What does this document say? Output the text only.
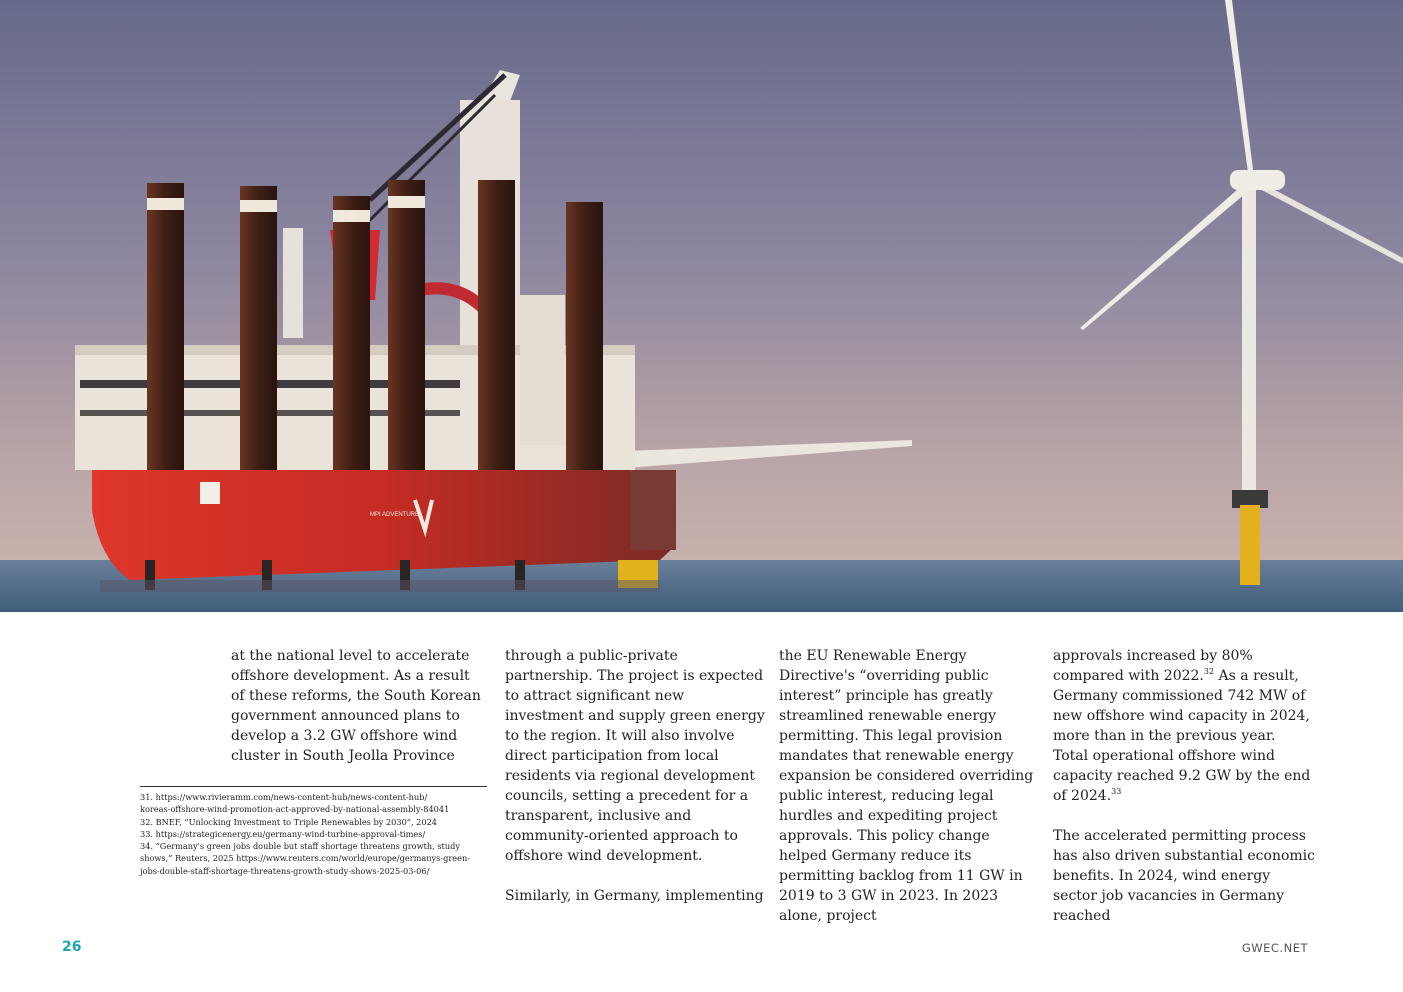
MPI ADVENTURE

at the national level to accelerate offshore development. As a result of these reforms, the South Korean government announced plans to develop a 3.2 GW offshore wind cluster in South Jeolla Province

through a public-private partnership. The project is expected to attract significant new investment and supply green energy to the region. It will also involve direct participation from local residents via regional development councils, setting a precedent for a transparent, inclusive and community-oriented approach to offshore wind development.

Similarly, in Germany, implementing

the EU Renewable Energy Directive's “overriding public interest” principle has greatly streamlined renewable energy permitting. This legal provision mandates that renewable energy expansion be considered overriding public interest, reducing legal hurdles and expediting project approvals. This policy change helped Germany reduce its permitting backlog from 11 GW in 2019 to 3 GW in 2023. In 2023 alone, project

approvals increased by 80% compared with 2022.32 As a result, Germany commissioned 742 MW of new offshore wind capacity in 2024, more than in the previous year. Total operational offshore wind capacity reached 9.2 GW by the end of 2024.33

The accelerated permitting process has also driven substantial economic benefits. In 2024, wind energy sector job vacancies in Germany reached

31. https://www.rivieramm.com/news-content-hub/news-content-hub/
koreas-offshore-wind-promotion-act-approved-by-national-assembly-84041
32. BNEF, “Unlocking Investment to Triple Renewables by 2030”, 2024
33. https://strategicenergy.eu/germany-wind-turbine-approval-times/
34. “Germany's green jobs double but staff shortage threatens growth, study
shows,” Reuters, 2025 https://www.reuters.com/world/europe/germanys-green-
jobs-double-staff-shortage-threatens-growth-study-shows-2025-03-06/
26	GWEC.NET
